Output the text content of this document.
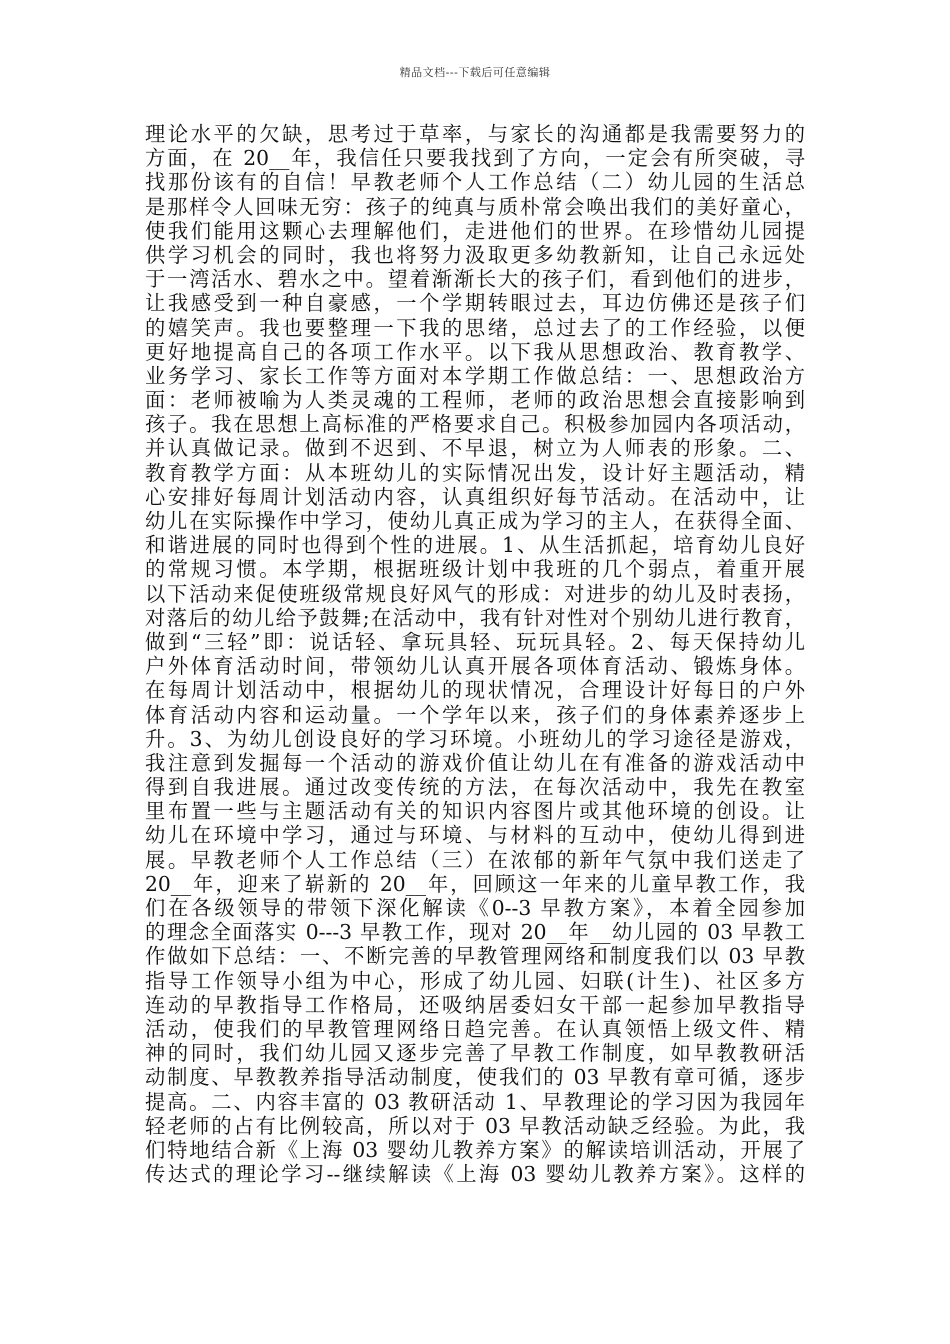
精品文档---下载后可任意编辑
理论水平的欠缺，思考过于草率，与家长的沟通都是我需要努力的
方面，在 20__年，我信任只要我找到了方向，一定会有所突破，寻
找那份该有的自信！早教老师个人工作总结（二）幼儿园的生活总
是那样令人回味无穷：孩子的纯真与质朴常会唤出我们的美好童心，
使我们能用这颗心去理解他们，走进他们的世界。在珍惜幼儿园提
供学习机会的同时，我也将努力汲取更多幼教新知，让自己永远处
于一湾活水、碧水之中。望着渐渐长大的孩子们，看到他们的进步，
让我感受到一种自豪感，一个学期转眼过去，耳边仿佛还是孩子们
的嬉笑声。我也要整理一下我的思绪，总过去了的工作经验，以便
更好地提高自己的各项工作水平。以下我从思想政治、教育教学、
业务学习、家长工作等方面对本学期工作做总结：一、思想政治方
面：老师被喻为人类灵魂的工程师，老师的政治思想会直接影响到
孩子。我在思想上高标准的严格要求自己。积极参加园内各项活动，
并认真做记录。做到不迟到、不早退，树立为人师表的形象。二、
教育教学方面：从本班幼儿的实际情况出发，设计好主题活动，精
心安排好每周计划活动内容，认真组织好每节活动。在活动中，让
幼儿在实际操作中学习，使幼儿真正成为学习的主人，在获得全面、
和谐进展的同时也得到个性的进展。1、从生活抓起，培育幼儿良好
的常规习惯。本学期，根据班级计划中我班的几个弱点，着重开展
以下活动来促使班级常规良好风气的形成：对进步的幼儿及时表扬，
对落后的幼儿给予鼓舞;在活动中，我有针对性对个别幼儿进行教育，
做到“三轻”即：说话轻、拿玩具轻、玩玩具轻。2、每天保持幼儿
户外体育活动时间，带领幼儿认真开展各项体育活动、锻炼身体。
在每周计划活动中，根据幼儿的现状情况，合理设计好每日的户外
体育活动内容和运动量。一个学年以来，孩子们的身体素养逐步上
升。3、为幼儿创设良好的学习环境。小班幼儿的学习途径是游戏，
我注意到发掘每一个活动的游戏价值让幼儿在有准备的游戏活动中
得到自我进展。通过改变传统的方法，在每次活动中，我先在教室
里布置一些与主题活动有关的知识内容图片或其他环境的创设。让
幼儿在环境中学习，通过与环境、与材料的互动中，使幼儿得到进
展。早教老师个人工作总结（三）在浓郁的新年气氛中我们送走了
20__年，迎来了崭新的 20__年，回顾这一年来的儿童早教工作，我
们在各级领导的带领下深化解读《0--3 早教方案》，本着全园参加
的理念全面落实 0---3 早教工作，现对 20__年__幼儿园的 03 早教工
作做如下总结：一、不断完善的早教管理网络和制度我们以 03 早教
指导工作领导小组为中心，形成了幼儿园、妇联(计生)、社区多方
连动的早教指导工作格局，还吸纳居委妇女干部一起参加早教指导
活动，使我们的早教管理网络日趋完善。在认真领悟上级文件、精
神的同时，我们幼儿园又逐步完善了早教工作制度，如早教教研活
动制度、早教教养指导活动制度，使我们的 03 早教有章可循，逐步
提高。二、内容丰富的 03 教研活动 1、早教理论的学习因为我园年
轻老师的占有比例较高，所以对于 03 早教活动缺乏经验。为此，我
们特地结合新《上海 03 婴幼儿教养方案》的解读培训活动，开展了
传达式的理论学习--继续解读《上海 03 婴幼儿教养方案》。这样的
